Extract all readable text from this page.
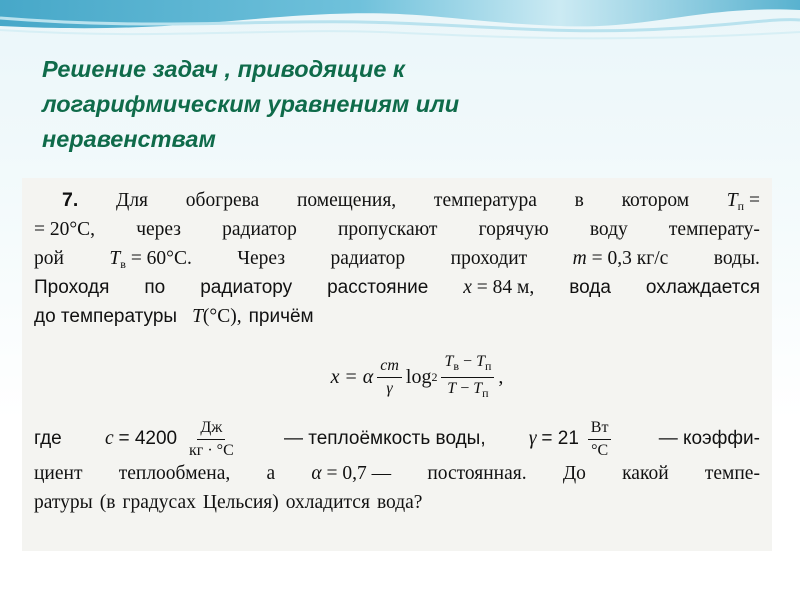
Решение задач , приводящие к
логарифмическим уравнениям или
неравенствам
7. Для обогрева помещения, температура в котором $T_п$ =
= 20°C, через радиатор пропускают горячую воду температу-
рой $T_в = 60^\circ C$. Через радиатор проходит m = 0,3 кг/с воды.
Проходя по радиатору расстояние x = 84 м, вода охлаждается
до температуры T(°C), причём
x = α $\frac{cm}{\gamma}$ $\log 2 \frac{T_в - T_п}{T - T_п}$ ,
где $c = 4200 \frac{Дж}{кг \cdot ^\circ C}$ — теплоёмкость воды, $\gamma = 21 \frac{Вт}{^\circ C}$ — коэффи-
циент теплообмена, а α = 0,7 — постоянная. До какой темпе-
ратуры (в градусах Цельсия) охладится вода?
